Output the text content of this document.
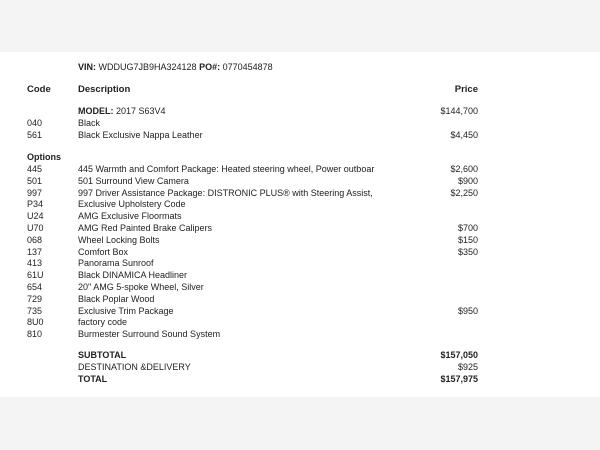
VIN: WDDUG7JB9HA324128 PO#: 0770454878
Code	Description	Price
MODEL: 2017 S63V4	$144,700
040	Black
561	Black Exclusive Nappa Leather	$4,450
Options
445	445 Warmth and Comfort Package: Heated steering wheel, Power outboar	$2,600
501	501 Surround View Camera	$900
997	997 Driver Assistance Package: DISTRONIC PLUS® with Steering Assist,	$2,250
P34	Exclusive Upholstery Code
U24	AMG Exclusive Floormats
U70	AMG Red Painted Brake Calipers	$700
068	Wheel Locking Bolts	$150
137	Comfort Box	$350
413	Panorama Sunroof
61U	Black DINAMICA Headliner
654	20" AMG 5-spoke Wheel, Silver
729	Black Poplar Wood
735	Exclusive Trim Package	$950
8U0	factory code
810	Burmester Surround Sound System
SUBTOTAL	$157,050
DESTINATION &DELIVERY	$925
TOTAL	$157,975
